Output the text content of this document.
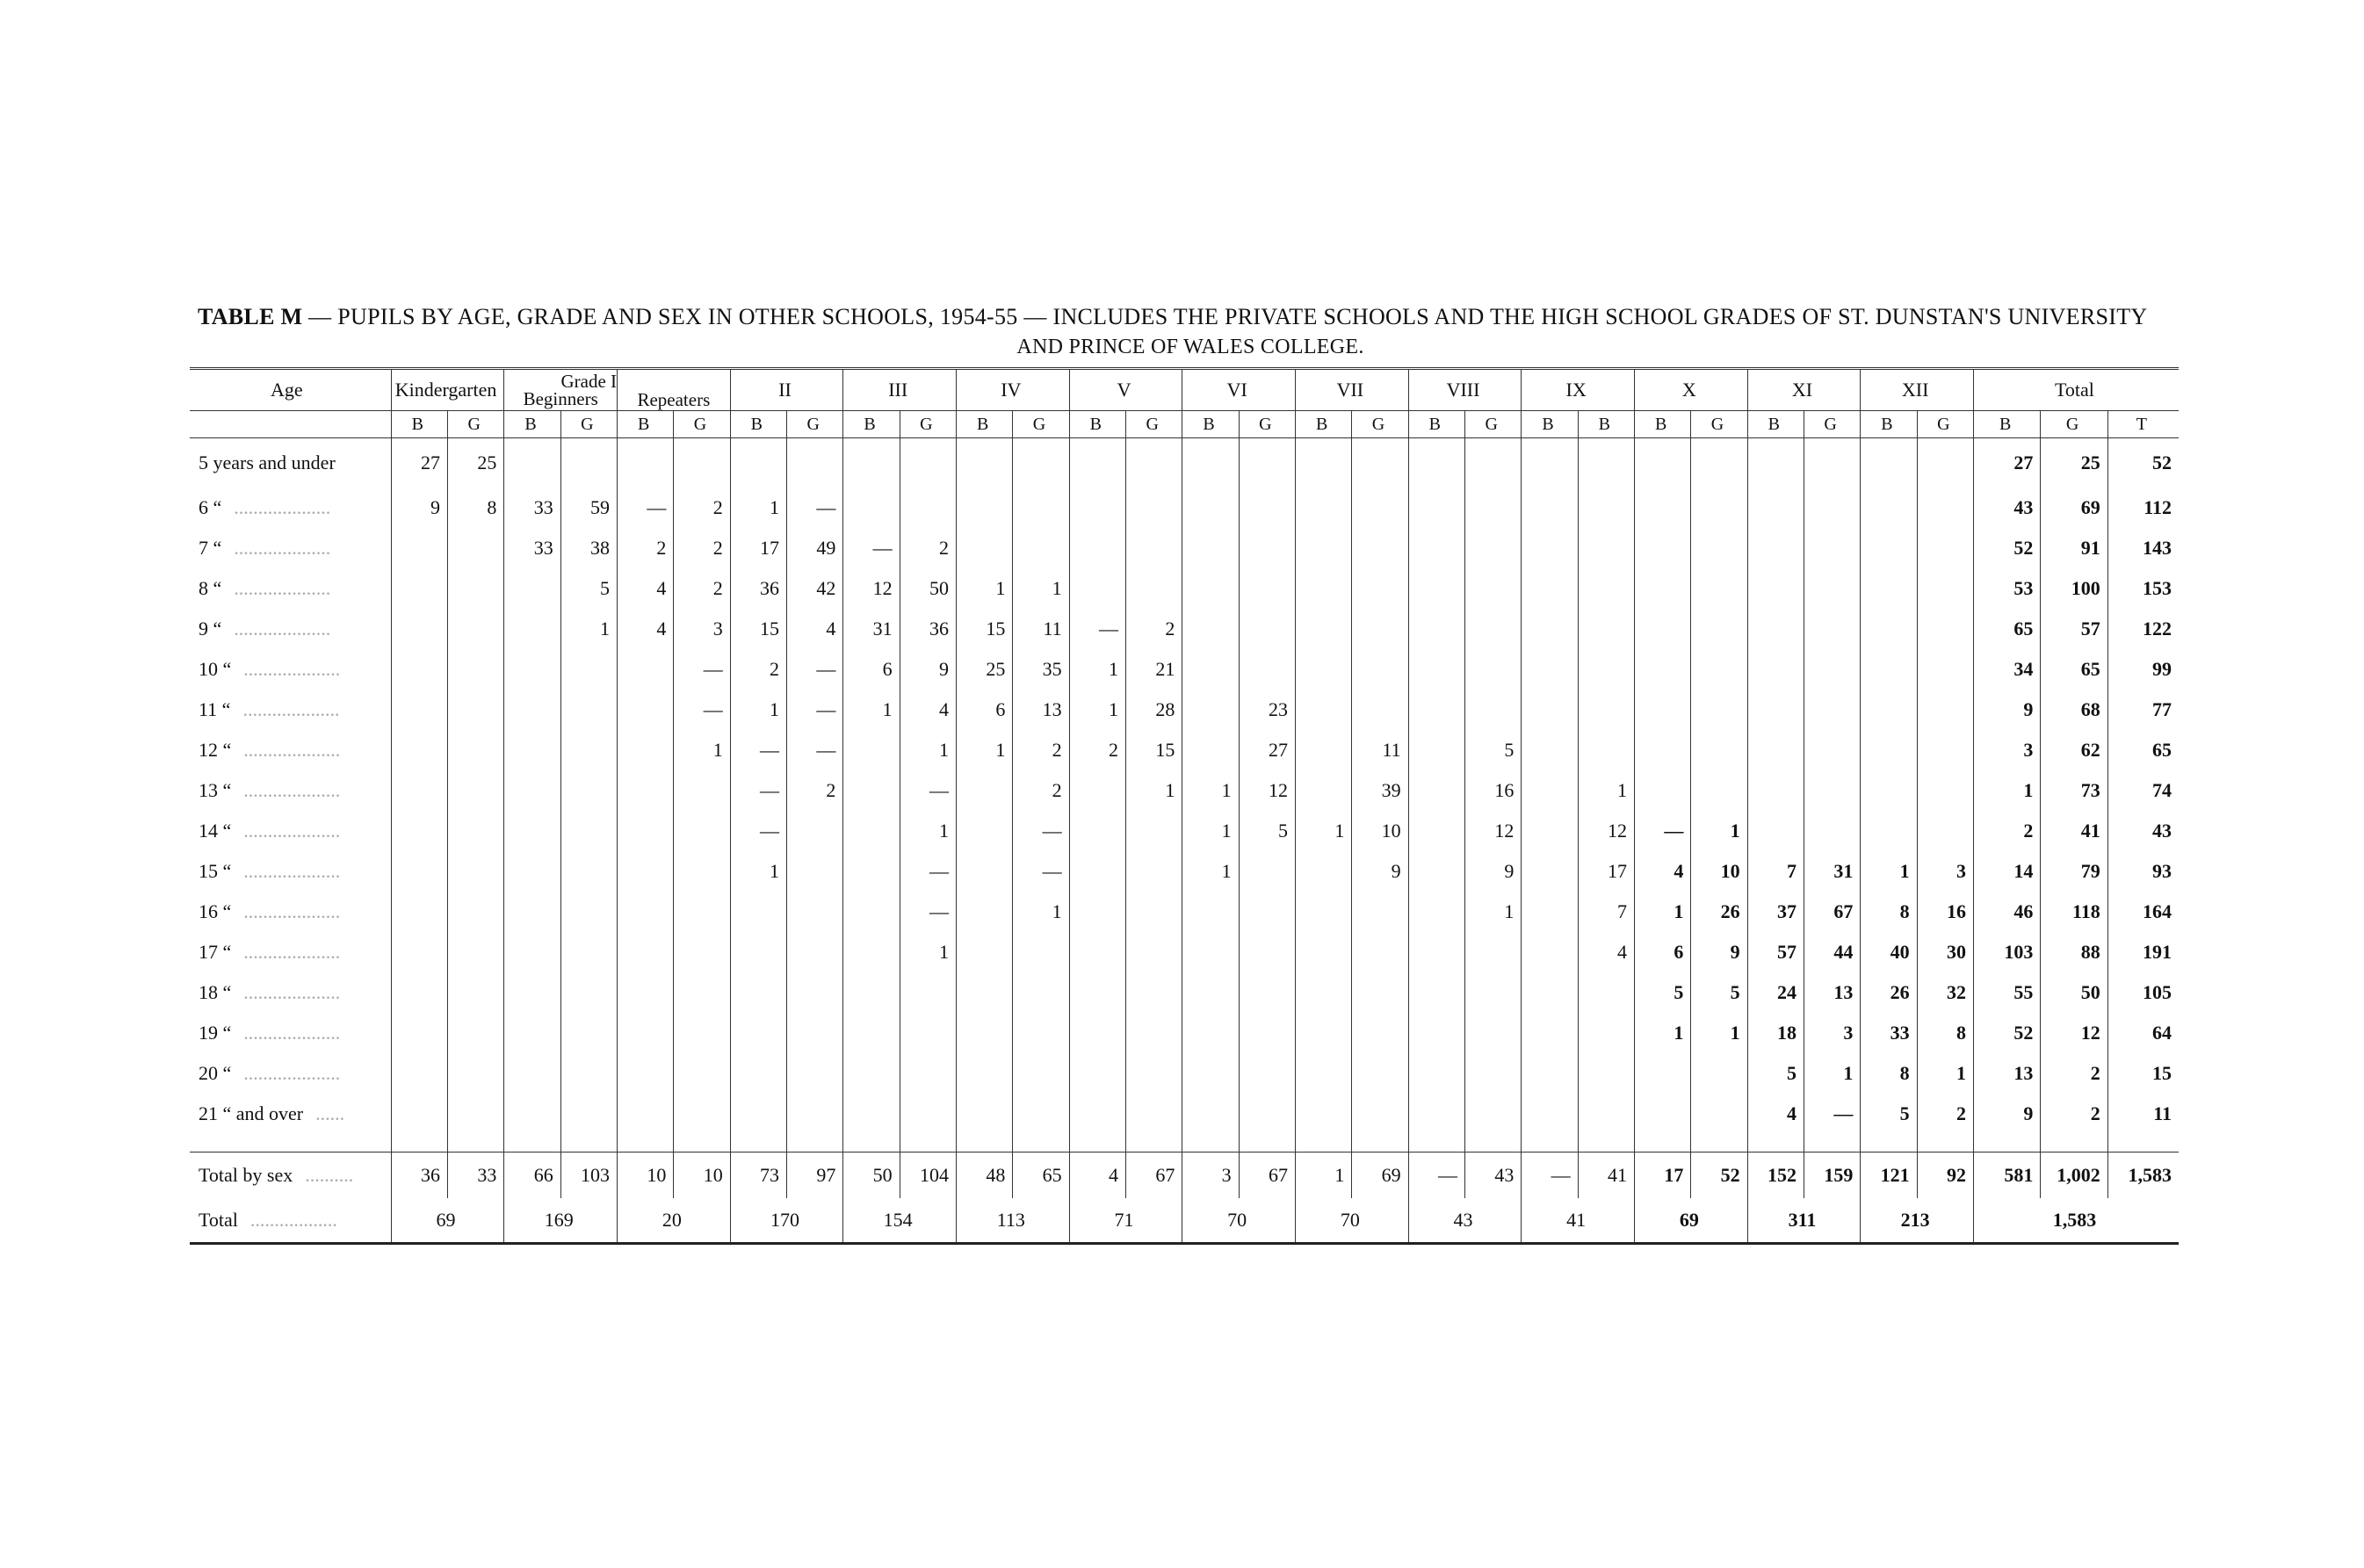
TABLE M — PUPILS BY AGE, GRADE AND SEX IN OTHER SCHOOLS, 1954-55 — INCLUDES THE PRIVATE SCHOOLS AND THE HIGH SCHOOL GRADES OF ST. DUNSTAN'S UNIVERSITY
AND PRINCE OF WALES COLLEGE.
Age	Kindergarten		Grade I
Beginners		Repeaters		II		III		IV		V		VI		VII		VIII		IX		X		XI		XII		Total		
	B	G	B	G	B	G	B	G	B	G	B	G	B	G	B	G	B	G	B	G	B	B	B	G	B	G	B	G	B	G	T
5 years and under	27	25																											27	25	52
6 “ ....................	9	8	33	59	—	2	1	—																					43	69	112
7 “ ....................			33	38	2	2	17	49	—	2																			52	91	143
8 “ ....................				5	4	2	36	42	12	50	1	1																	53	100	153
9 “ ....................				1	4	3	15	4	31	36	15	11	—	2															65	57	122
10 “ ....................						—	2	—	6	9	25	35	1	21															34	65	99
11 “ ....................						—	1	—	1	4	6	13	1	28		23													9	68	77
12 “ ....................						1	—	—		1	1	2	2	15		27		11		5									3	62	65
13 “ ....................							—	2		—		2		1	1	12		39		16		1							1	73	74
14 “ ....................							—			1		—			1	5	1	10		12		12	—	1					2	41	43
15 “ ....................							1			—		—			1			9		9		17	4	10	7	31	1	3	14	79	93
16 “ ....................										—		1								1		7	1	26	37	67	8	16	46	118	164
17 “ ....................										1												4	6	9	57	44	40	30	103	88	191
18 “ ....................																							5	5	24	13	26	32	55	50	105
19 “ ....................																							1	1	18	3	33	8	52	12	64
20 “ ....................																									5	1	8	1	13	2	15
21 “ and over ......																									4	—	5	2	9	2	11

Total by sex ..........	36	33	66	103	10	10	73	97	50	104	48	65	4	67	3	67	1	69	—	43	—	41	17	52	152	159	121	92	581	1,002	1,583
Total ..................	69		169		20		170		154		113		71		70		70		43		41		69		311		213		1,583		
